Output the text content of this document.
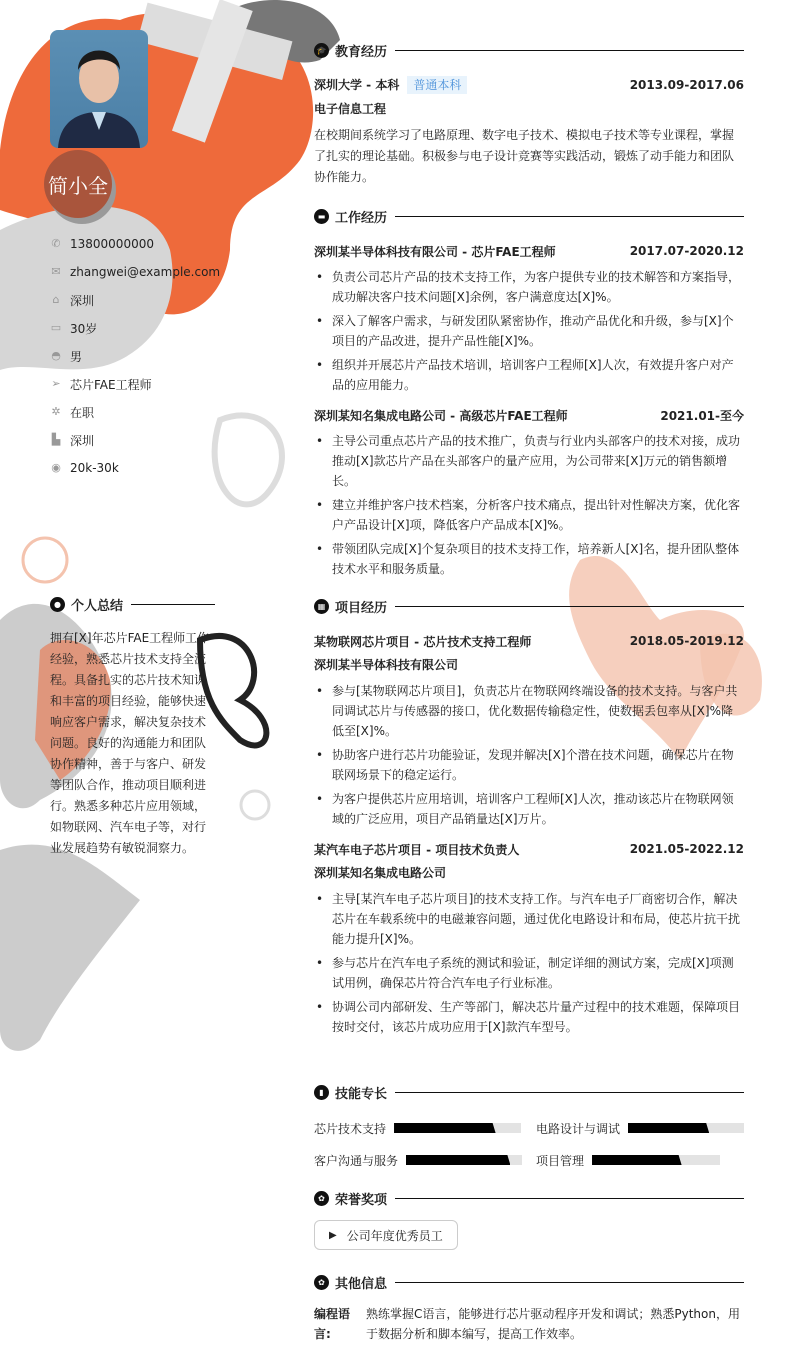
简小全
✆ 13800000000
✉ zhangwei@example.com
⌂ 深圳
▭ 30岁
◓ 男
➢ 芯片FAE工程师
✲ 在职
▙ 深圳
◉ 20k-30k
● 个人总结
拥有[X]年芯片FAE工程师工作经验，熟悉芯片技术支持全流程。具备扎实的芯片技术知识和丰富的项目经验，能够快速响应客户需求，解决复杂技术问题。良好的沟通能力和团队协作精神，善于与客户、研发等团队合作，推动项目顺利进行。熟悉多种芯片应用领域，如物联网、汽车电子等，对行业发展趋势有敏锐洞察力。
🎓 教育经历
深圳大学 - 本科 普通本科	2013.09-2017.06
电子信息工程
在校期间系统学习了电路原理、数字电子技术、模拟电子技术等专业课程，掌握了扎实的理论基础。积极参与电子设计竞赛等实践活动，锻炼了动手能力和团队协作能力。
▬ 工作经历
深圳某半导体科技有限公司 - 芯片FAE工程师	2017.07-2020.12
• 负责公司芯片产品的技术支持工作，为客户提供专业的技术解答和方案指导，成功解决客户技术问题[X]余例，客户满意度达[X]%。
• 深入了解客户需求，与研发团队紧密协作，推动产品优化和升级，参与[X]个项目的产品改进，提升产品性能[X]%。
• 组织并开展芯片产品技术培训，培训客户工程师[X]人次，有效提升客户对产品的应用能力。
深圳某知名集成电路公司 - 高级芯片FAE工程师	2021.01-至今
• 主导公司重点芯片产品的技术推广，负责与行业内头部客户的技术对接，成功推动[X]款芯片产品在头部客户的量产应用，为公司带来[X]万元的销售额增长。
• 建立并维护客户技术档案，分析客户技术痛点，提出针对性解决方案，优化客户产品设计[X]项，降低客户产品成本[X]%。
• 带领团队完成[X]个复杂项目的技术支持工作，培养新人[X]名，提升团队整体技术水平和服务质量。
▦ 项目经历
某物联网芯片项目 - 芯片技术支持工程师	2018.05-2019.12
深圳某半导体科技有限公司
• 参与[某物联网芯片项目]，负责芯片在物联网终端设备的技术支持。与客户共同调试芯片与传感器的接口，优化数据传输稳定性，使数据丢包率从[X]%降低至[X]%。
• 协助客户进行芯片功能验证，发现并解决[X]个潜在技术问题，确保芯片在物联网场景下的稳定运行。
• 为客户提供芯片应用培训，培训客户工程师[X]人次，推动该芯片在物联网领域的广泛应用，项目产品销量达[X]万片。
某汽车电子芯片项目 - 项目技术负责人	2021.05-2022.12
深圳某知名集成电路公司
• 主导[某汽车电子芯片项目]的技术支持工作。与汽车电子厂商密切合作，解决芯片在车载系统中的电磁兼容问题，通过优化电路设计和布局，使芯片抗干扰能力提升[X]%。
• 参与芯片在汽车电子系统的测试和验证，制定详细的测试方案，完成[X]项测试用例，确保芯片符合汽车电子行业标准。
• 协调公司内部研发、生产等部门，解决芯片量产过程中的技术难题，保障项目按时交付，该芯片成功应用于[X]款汽车型号。
▮ 技能专长
芯片技术支持	电路设计与调试
客户沟通与服务	项目管理
✿ 荣誉奖项
▶ 公司年度优秀员工
✿ 其他信息
编程语言:
熟练掌握C语言，能够进行芯片驱动程序开发和调试；熟悉Python，用于数据分析和脚本编写，提高工作效率。
